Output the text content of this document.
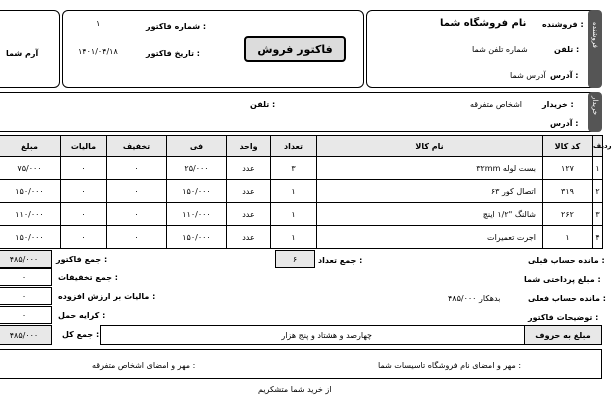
فروشنده
فروشنده :
نام فروشگاه شما
تلفن :
شماره تلفن شما
آدرس :
آدرس شما
شماره فاکتور :
۱
تاریخ فاکتور :
۱۴۰۱/۰۴/۱۸	فاکتور فروش
آرم شما
خریدار
خریدار :
اشخاص متفرقه
تلفن :
آدرس :
مبلغ	مالیات	تخفیف	فی	واحد	تعداد	نام کالا	کد کالا	ردیف
۷۵/۰۰۰	۰	۰	۲۵/۰۰۰	عدد	۳	بست لوله ۳۲mm	۱۲۷	۱
۱۵۰/۰۰۰	۰	۰	۱۵۰/۰۰۰	عدد	۱	اتصال کور ۶۳	۳۱۹	۲
۱۱۰/۰۰۰	۰	۰	۱۱۰/۰۰۰	عدد	۱	شالنگ "۱/۲ اینچ	۲۶۲	۳
۱۵۰/۰۰۰	۰	۰	۱۵۰/۰۰۰	عدد	۱	اجرت تعمیرات	۱	۴
مانده حساب قبلی :
مبلغ پرداختی شما :
مانده حساب فعلی :
۴۸۵/۰۰۰ بدهکار
توضیحات فاکتور :
مبلغ به حروف
چهارصد و هشتاد و پنج هزار
جمع تعداد :
۶
جمع فاکتور :
۴۸۵/۰۰۰
جمع تخفیفات :
۰
مالیات بر ارزش افزوده :
۰
کرایه حمل :
۰
جمع کل :
۴۸۵/۰۰۰
مهر و امضای نام فروشگاه تاسیسات شما :
مهر و امضای اشخاص متفرقه :
از خرید شما متشکریم
